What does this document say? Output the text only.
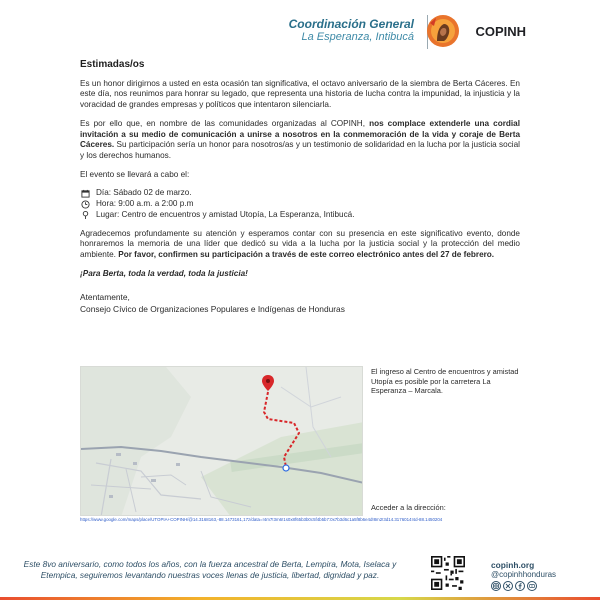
Coordinación General
La Esperanza, Intibucá	COPINH
Estimadas/os

Es un honor dirigirnos a usted en esta ocasión tan significativa, el octavo aniversario de la siembra de Berta Cáceres. En este día, nos reunimos para honrar su legado, que representa una historia de lucha contra la impunidad, la injusticia y la voracidad de grandes empresas y políticos que intentaron silenciarla.

Es por ello que, en nombre de las comunidades organizadas al COPINH, nos complace extenderle una cordial invitación a su medio de comunicación a unirse a nosotros en la conmemoración de la vida y coraje de Berta Cáceres. Su participación sería un honor para nosotros/as y un testimonio de solidaridad en la lucha por la justicia social y los derechos humanos.

El evento se llevará a cabo el:

Día: Sábado 02 de marzo.
Hora: 9:00 a.m. a 2:00 p.m
Lugar: Centro de encuentros y amistad Utopía, La Esperanza, Intibucá.

Agradecemos profundamente su atención y esperamos contar con su presencia en este significativo evento, donde honraremos la memoria de una líder que dedicó su vida a la lucha por la justicia social y la protección del medio ambiente. Por favor, confirmen su participación a través de este correo electrónico antes del 27 de febrero.

¡Para Berta, toda la verdad, toda la justicia!
Atentamente,
Consejo Cívico de Organizaciones Populares e Indígenas de Honduras
El ingreso al Centro de encuentros y amistad Utopía es posible por la carretera La Esperanza – Marcala.
Acceder a la dirección:
https://www.google.com/maps/place/UTOPIA+COPINH/@14.3168163,-88.1473161,17z/data=!4m7!3m6!1s0x8f65b3b0c5f4b5b7:0x7b3d6c1a5f8b6e4d!8m2!3d14.3176014!4d-88.1450204
Este 8vo aniversario, como todos los años, con la fuerza ancestral de Berta, Lempira, Mota, Iselaca y Etempica, seguiremos levantando nuestras voces llenas de justicia, libertad, dignidad y paz.
copinh.org
@copinhhonduras
